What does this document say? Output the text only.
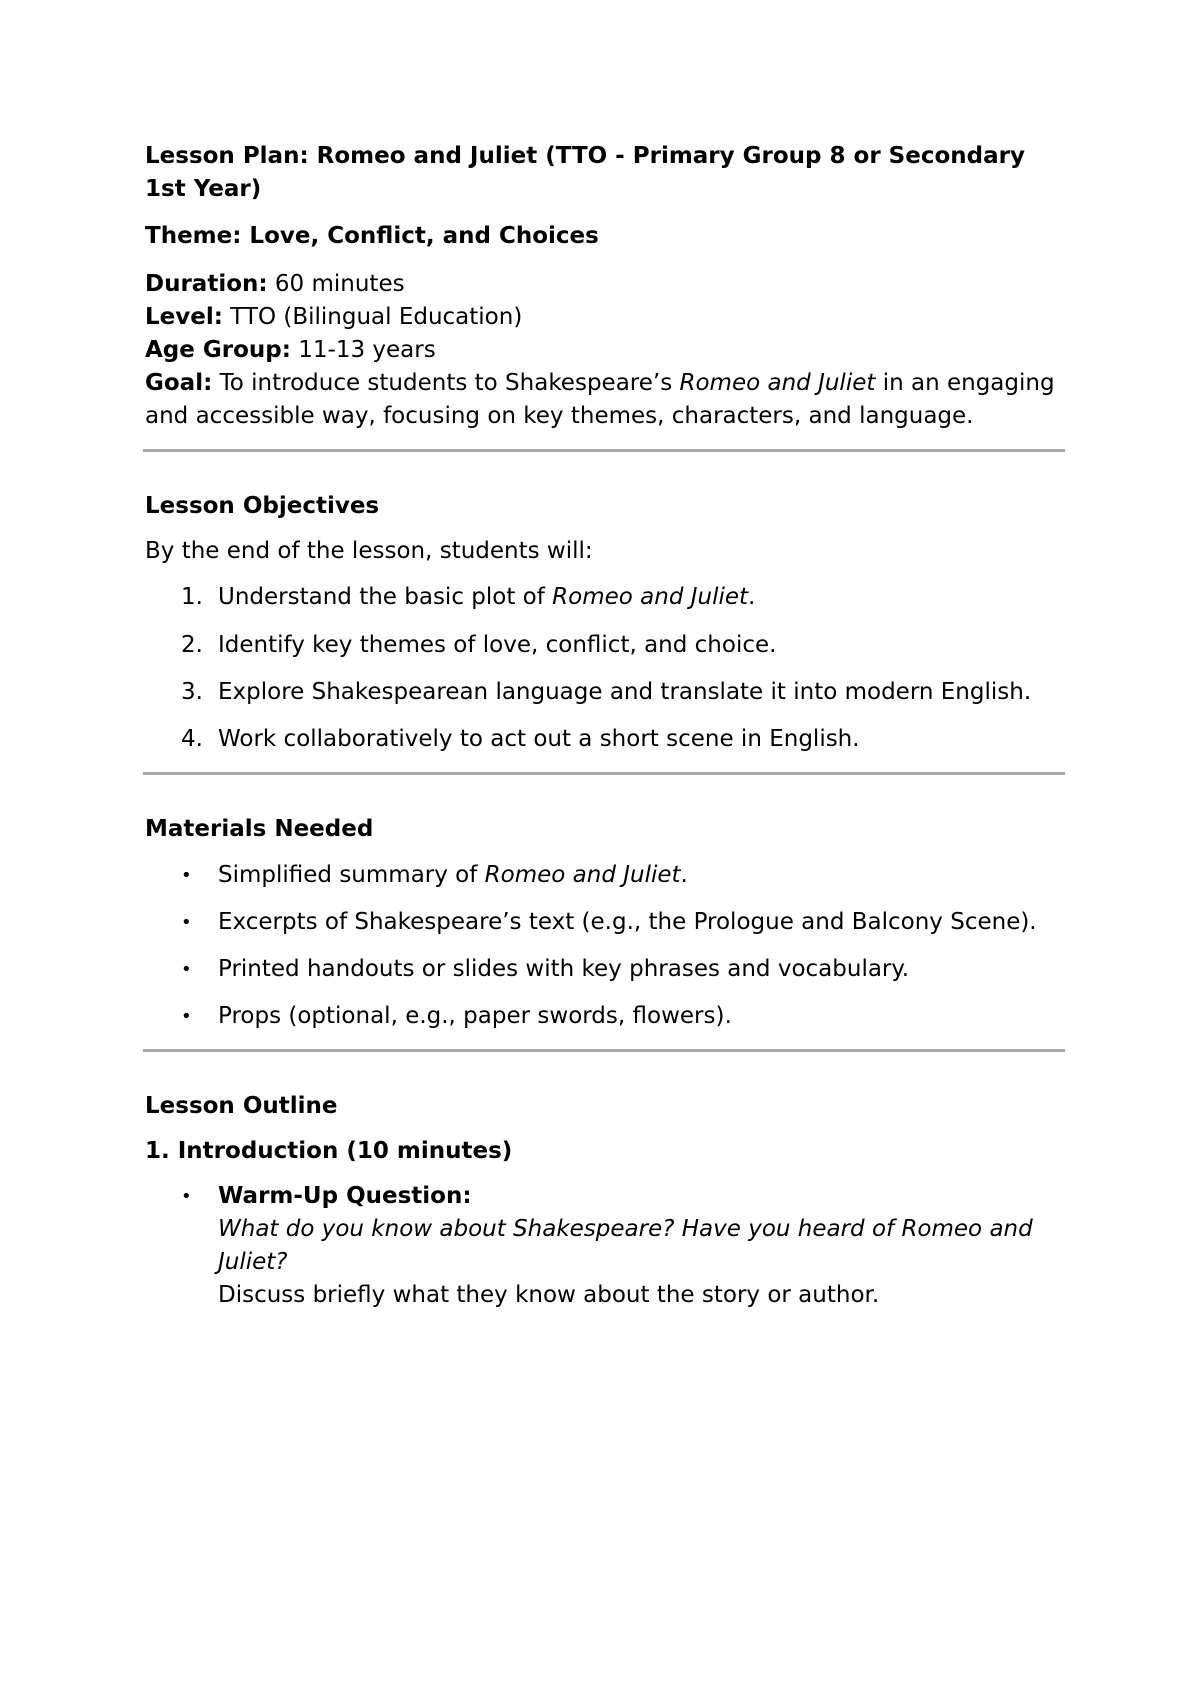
Lesson Plan: Romeo and Juliet (TTO - Primary Group 8 or Secondary 1st Year)

Theme: Love, Conflict, and Choices

Duration: 60 minutes
Level: TTO (Bilingual Education)
Age Group: 11-13 years
Goal: To introduce students to Shakespeare’s Romeo and Juliet in an engaging and accessible way, focusing on key themes, characters, and language.

Lesson Objectives

By the end of the lesson, students will:

1. Understand the basic plot of Romeo and Juliet.
2. Identify key themes of love, conflict, and choice.
3. Explore Shakespearean language and translate it into modern English.
4. Work collaboratively to act out a short scene in English.

Materials Needed

• Simplified summary of Romeo and Juliet.
• Excerpts of Shakespeare’s text (e.g., the Prologue and Balcony Scene).
• Printed handouts or slides with key phrases and vocabulary.
• Props (optional, e.g., paper swords, flowers).

Lesson Outline

1. Introduction (10 minutes)

• Warm-Up Question:
What do you know about Shakespeare? Have you heard of Romeo and Juliet?
Discuss briefly what they know about the story or author.
